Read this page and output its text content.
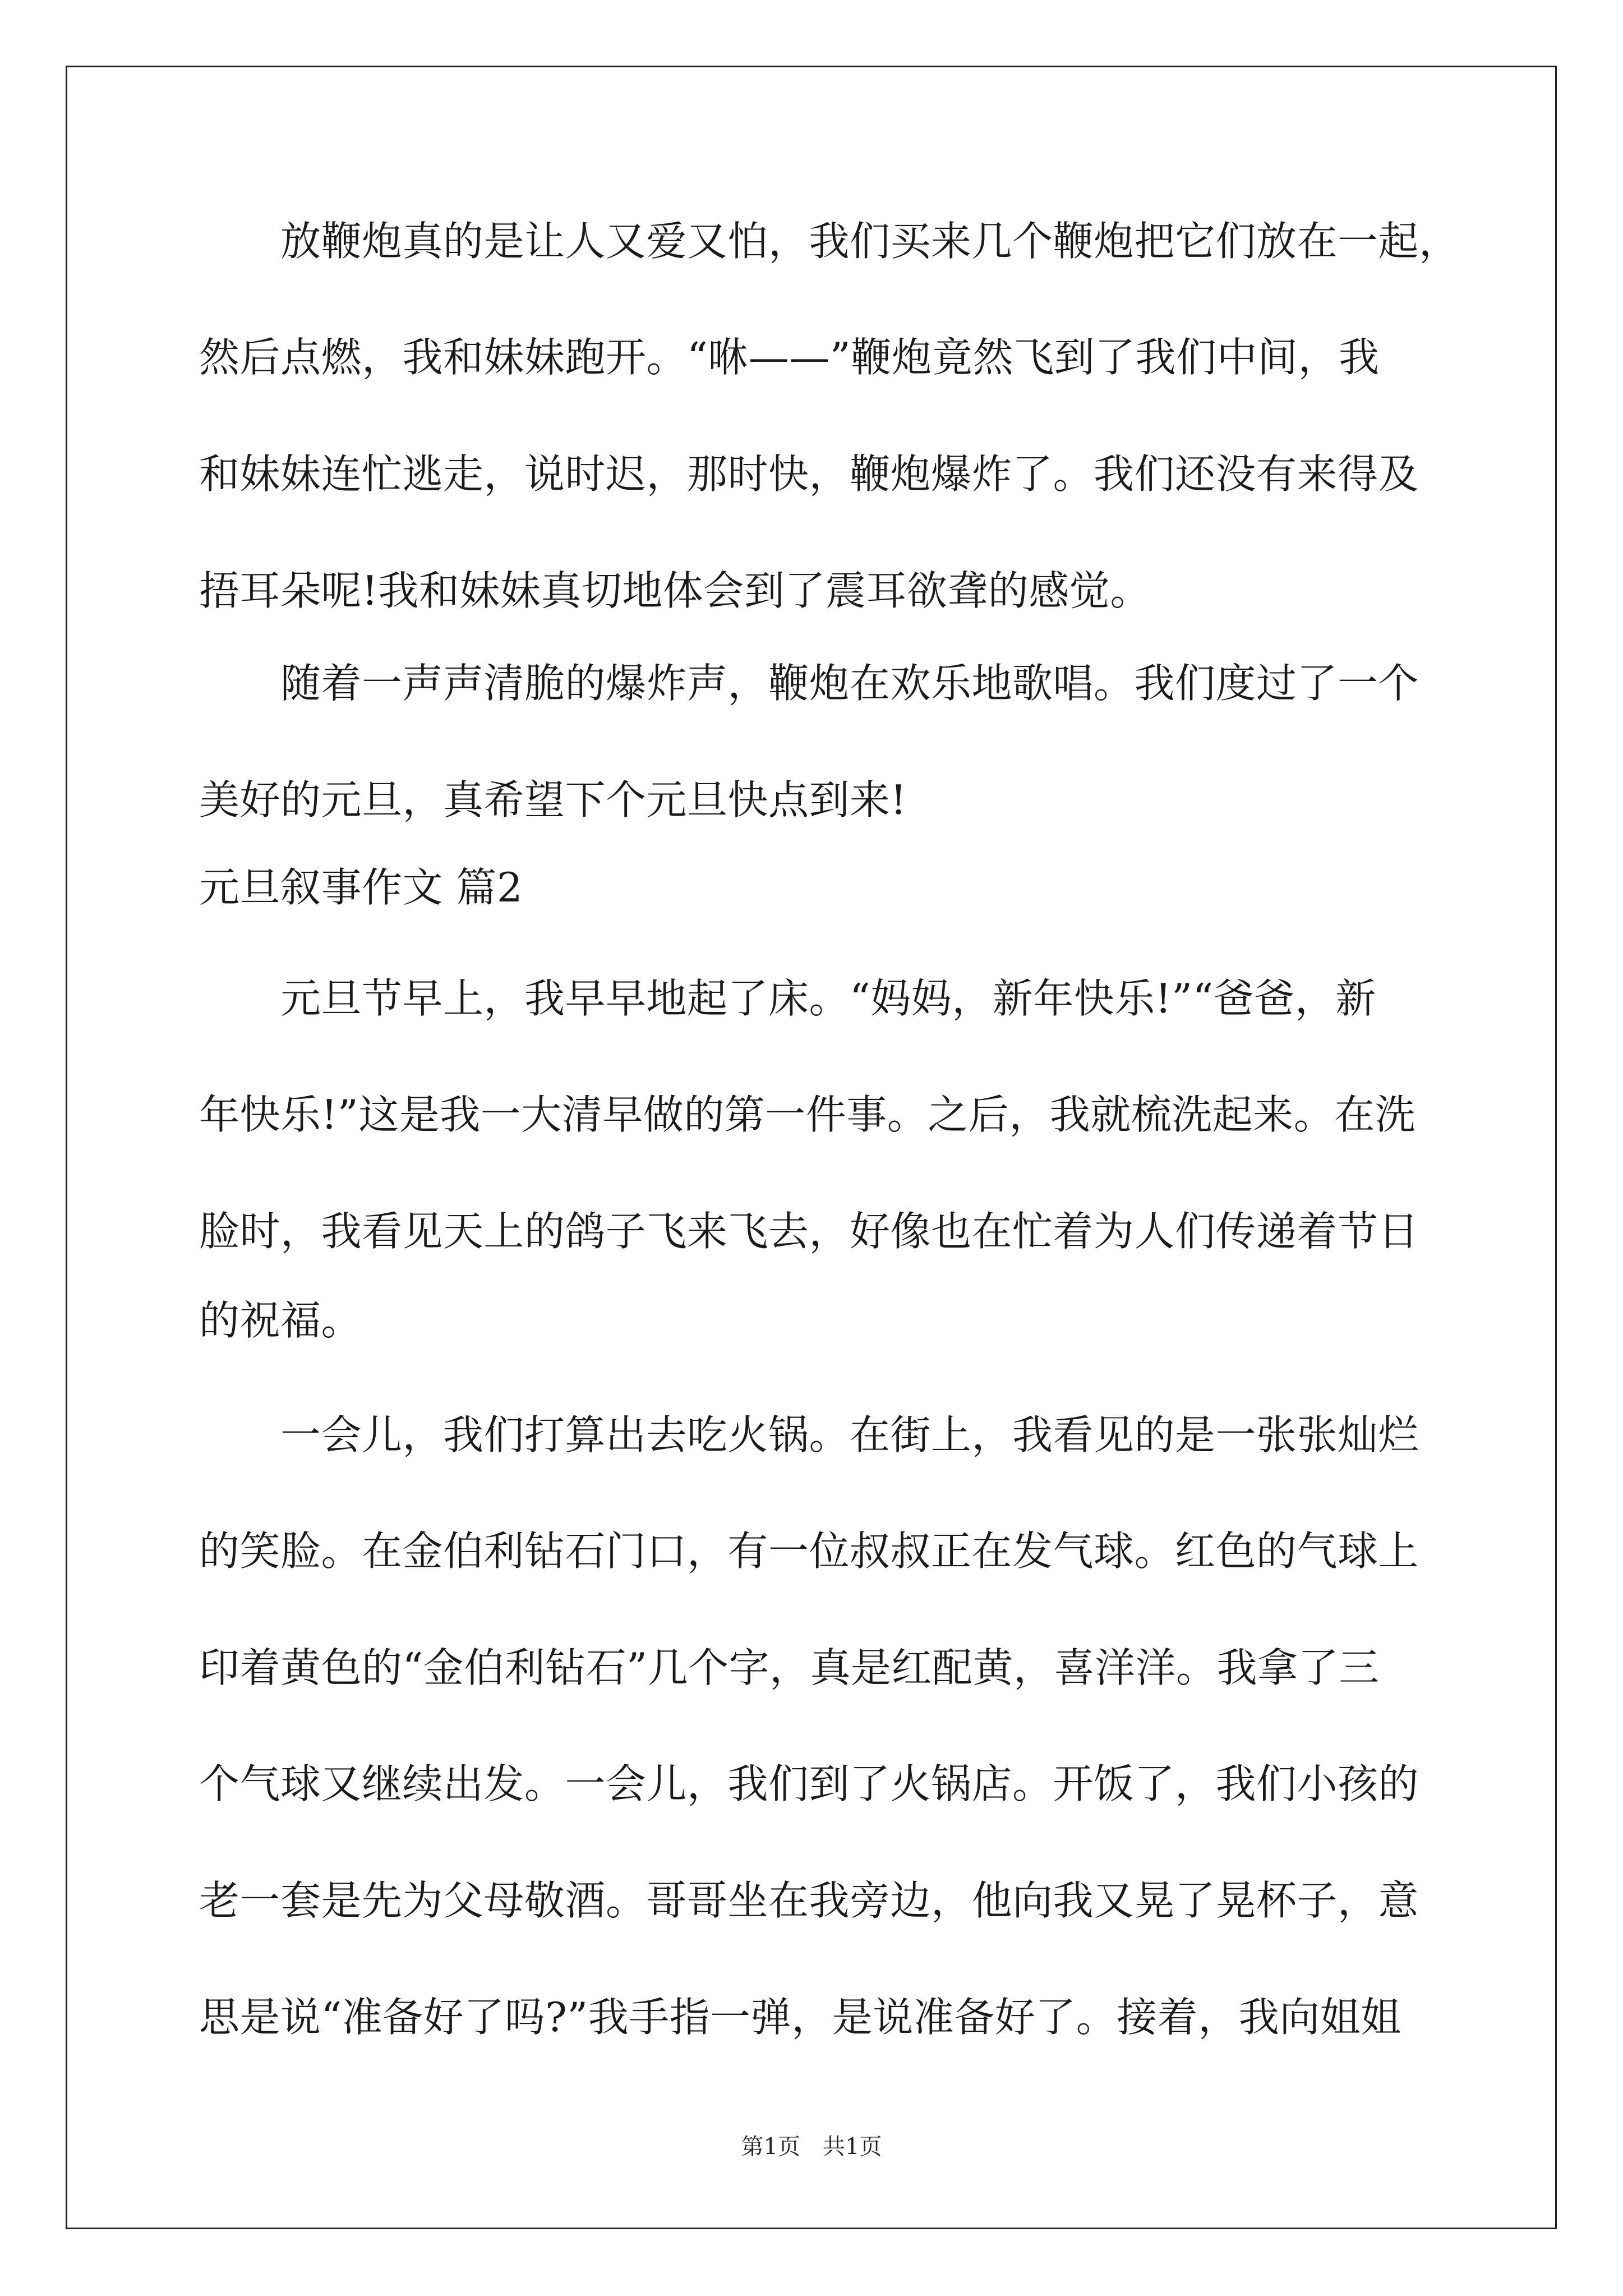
　　放鞭炮真的是让人又爱又怕，我们买来几个鞭炮把它们放在一起，
然后点燃，我和妹妹跑开。“咻——”鞭炮竟然飞到了我们中间，我
和妹妹连忙逃走，说时迟，那时快，鞭炮爆炸了。我们还没有来得及
捂耳朵呢!我和妹妹真切地体会到了震耳欲聋的感觉。
　　随着一声声清脆的爆炸声，鞭炮在欢乐地歌唱。我们度过了一个
美好的元旦，真希望下个元旦快点到来!
元旦叙事作文 篇2
　　元旦节早上，我早早地起了床。“妈妈，新年快乐!”“爸爸，新
年快乐!”这是我一大清早做的第一件事。之后，我就梳洗起来。在洗
脸时，我看见天上的鸽子飞来飞去，好像也在忙着为人们传递着节日
的祝福。
　　一会儿，我们打算出去吃火锅。在街上，我看见的是一张张灿烂
的笑脸。在金伯利钻石门口，有一位叔叔正在发气球。红色的气球上
印着黄色的“金伯利钻石”几个字，真是红配黄，喜洋洋。我拿了三
个气球又继续出发。一会儿，我们到了火锅店。开饭了，我们小孩的
老一套是先为父母敬酒。哥哥坐在我旁边，他向我又晃了晃杯子，意
思是说“准备好了吗?”我手指一弹，是说准备好了。接着，我向姐姐
第1页　共1页
